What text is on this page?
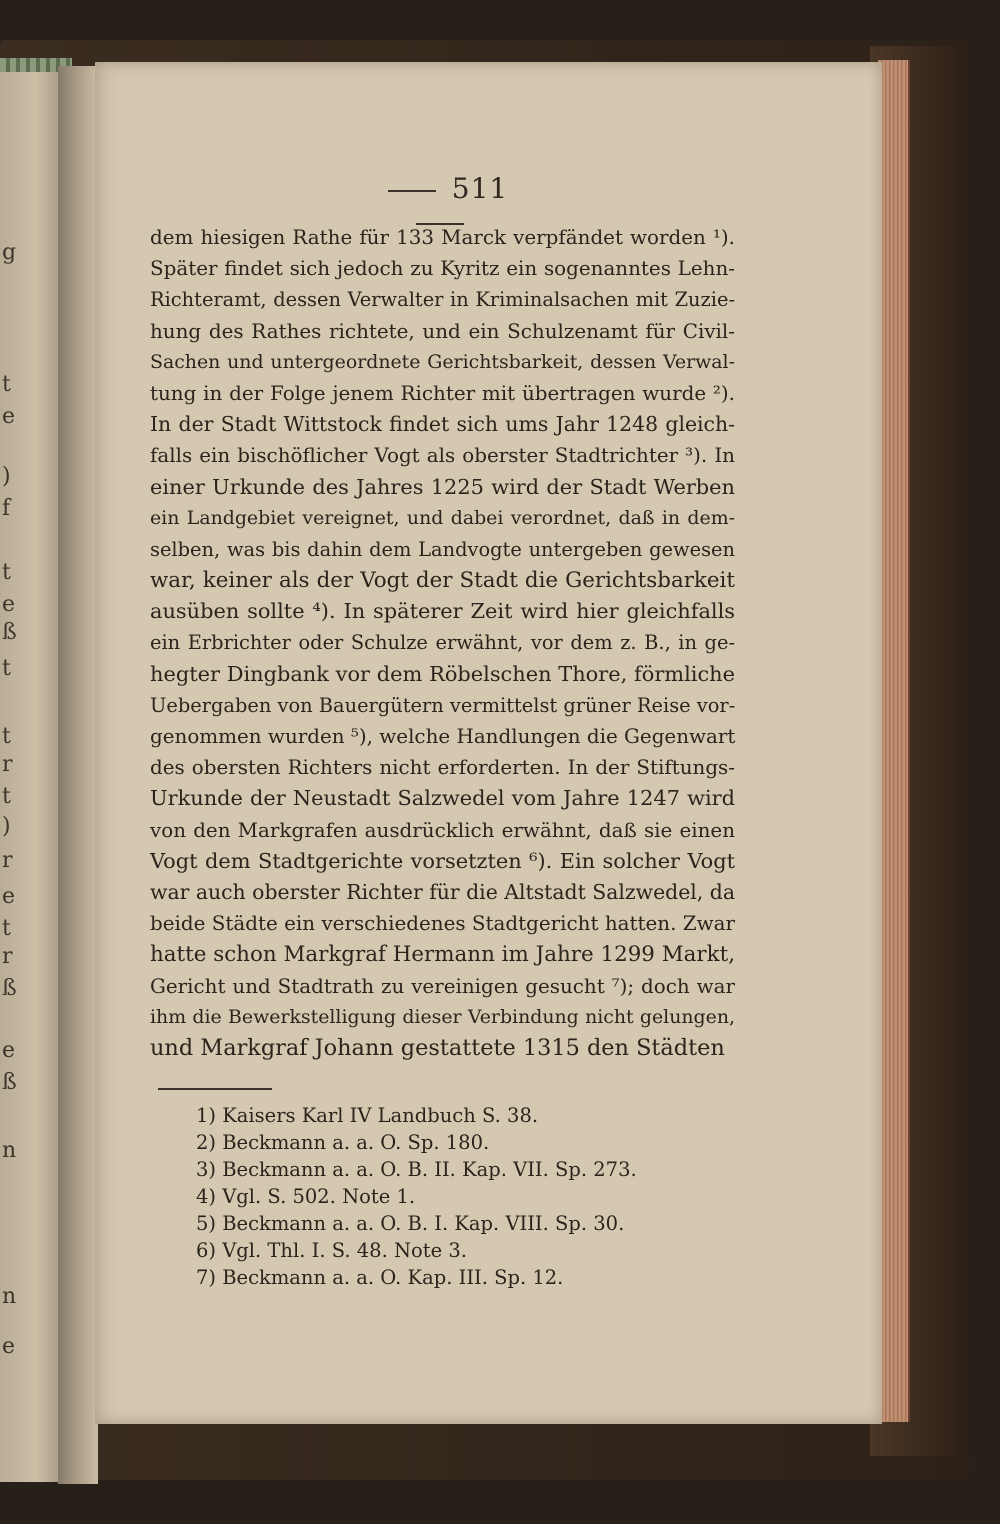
g
t
e
)
f
t
e
ß
t
t
r
t
)
r
e
t
r
ß
e
ß
n
n
e
511
dem hiesigen Rathe für 133 Marck verpfändet worden ¹).
Später findet sich jedoch zu Kyritz ein sogenanntes Lehn-
Richteramt, dessen Verwalter in Kriminalsachen mit Zuzie-
hung des Rathes richtete, und ein Schulzenamt für Civil-
Sachen und untergeordnete Gerichtsbarkeit, dessen Verwal-
tung in der Folge jenem Richter mit übertragen wurde ²).
In der Stadt Wittstock findet sich ums Jahr 1248 gleich-
falls ein bischöflicher Vogt als oberster Stadtrichter ³). In
einer Urkunde des Jahres 1225 wird der Stadt Werben
ein Landgebiet vereignet, und dabei verordnet, daß in dem-
selben, was bis dahin dem Landvogte untergeben gewesen
war, keiner als der Vogt der Stadt die Gerichtsbarkeit
ausüben sollte ⁴). In späterer Zeit wird hier gleichfalls
ein Erbrichter oder Schulze erwähnt, vor dem z. B., in ge-
hegter Dingbank vor dem Röbelschen Thore, förmliche
Uebergaben von Bauergütern vermittelst grüner Reise vor-
genommen wurden ⁵), welche Handlungen die Gegenwart
des obersten Richters nicht erforderten. In der Stiftungs-
Urkunde der Neustadt Salzwedel vom Jahre 1247 wird
von den Markgrafen ausdrücklich erwähnt, daß sie einen
Vogt dem Stadtgerichte vorsetzten ⁶). Ein solcher Vogt
war auch oberster Richter für die Altstadt Salzwedel, da
beide Städte ein verschiedenes Stadtgericht hatten. Zwar
hatte schon Markgraf Hermann im Jahre 1299 Markt,
Gericht und Stadtrath zu vereinigen gesucht ⁷); doch war
ihm die Bewerkstelligung dieser Verbindung nicht gelungen,
und Markgraf Johann gestattete 1315 den Städten
1) Kaisers Karl IV Landbuch S. 38.
2) Beckmann a. a. O. Sp. 180.
3) Beckmann a. a. O. B. II. Kap. VII. Sp. 273.
4) Vgl. S. 502. Note 1.
5) Beckmann a. a. O. B. I. Kap. VIII. Sp. 30.
6) Vgl. Thl. I. S. 48. Note 3.
7) Beckmann a. a. O. Kap. III. Sp. 12.
